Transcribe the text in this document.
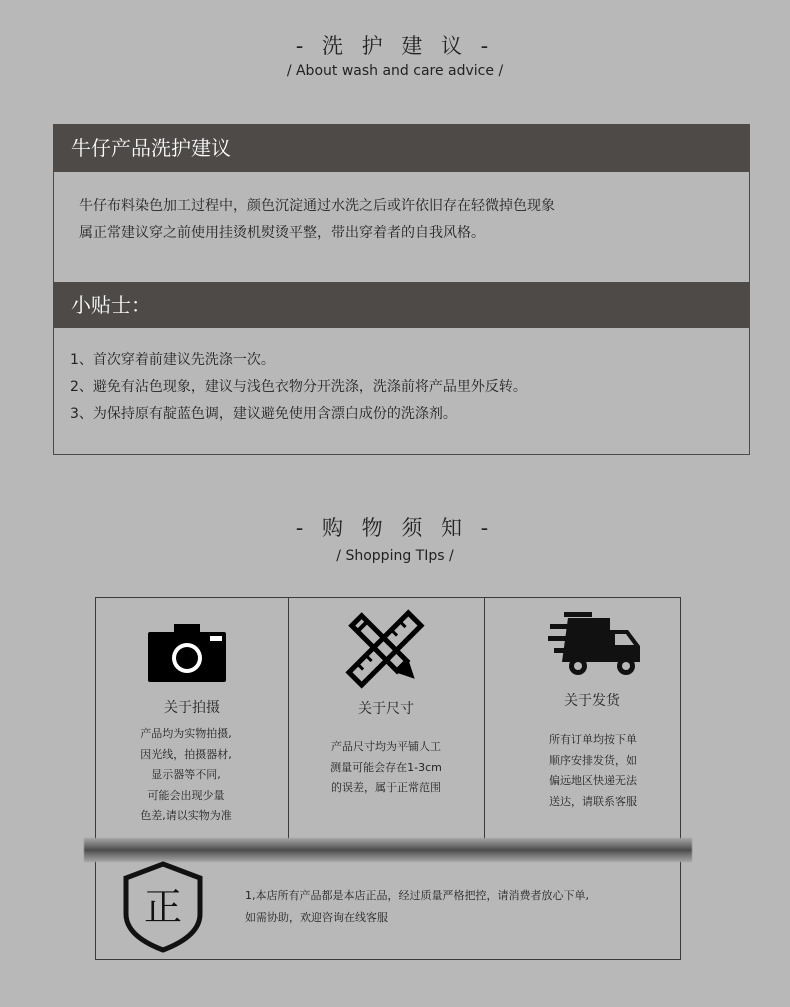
- 洗 护 建 议 -
/ About wash and care advice /
牛仔产品洗护建议
牛仔布料染色加工过程中，颜色沉淀通过水洗之后或许依旧存在轻微掉色现象
属正常建议穿之前使用挂烫机熨烫平整，带出穿着者的自我风格。
小贴士：
1、首次穿着前建议先洗涤一次。
2、避免有沾色现象，建议与浅色衣物分开洗涤，洗涤前将产品里外反转。
3、为保持原有靛蓝色调，建议避免使用含漂白成份的洗涤剂。
- 购 物 须 知 -
/ Shopping TIps /
关于拍摄
产品均为实物拍摄,
因光线，拍摄器材,
显示器等不同,
可能会出现少量
色差,请以实物为准
关于尺寸
产品尺寸均为平铺人工
测量可能会存在1-3cm
的误差，属于正常范围
关于发货
所有订单均按下单
顺序安排发货，如
偏远地区快递无法
送达，请联系客服
正	1,本店所有产品都是本店正品，经过质量严格把控，请消费者放心下单,
如需协助，欢迎咨询在线客服
